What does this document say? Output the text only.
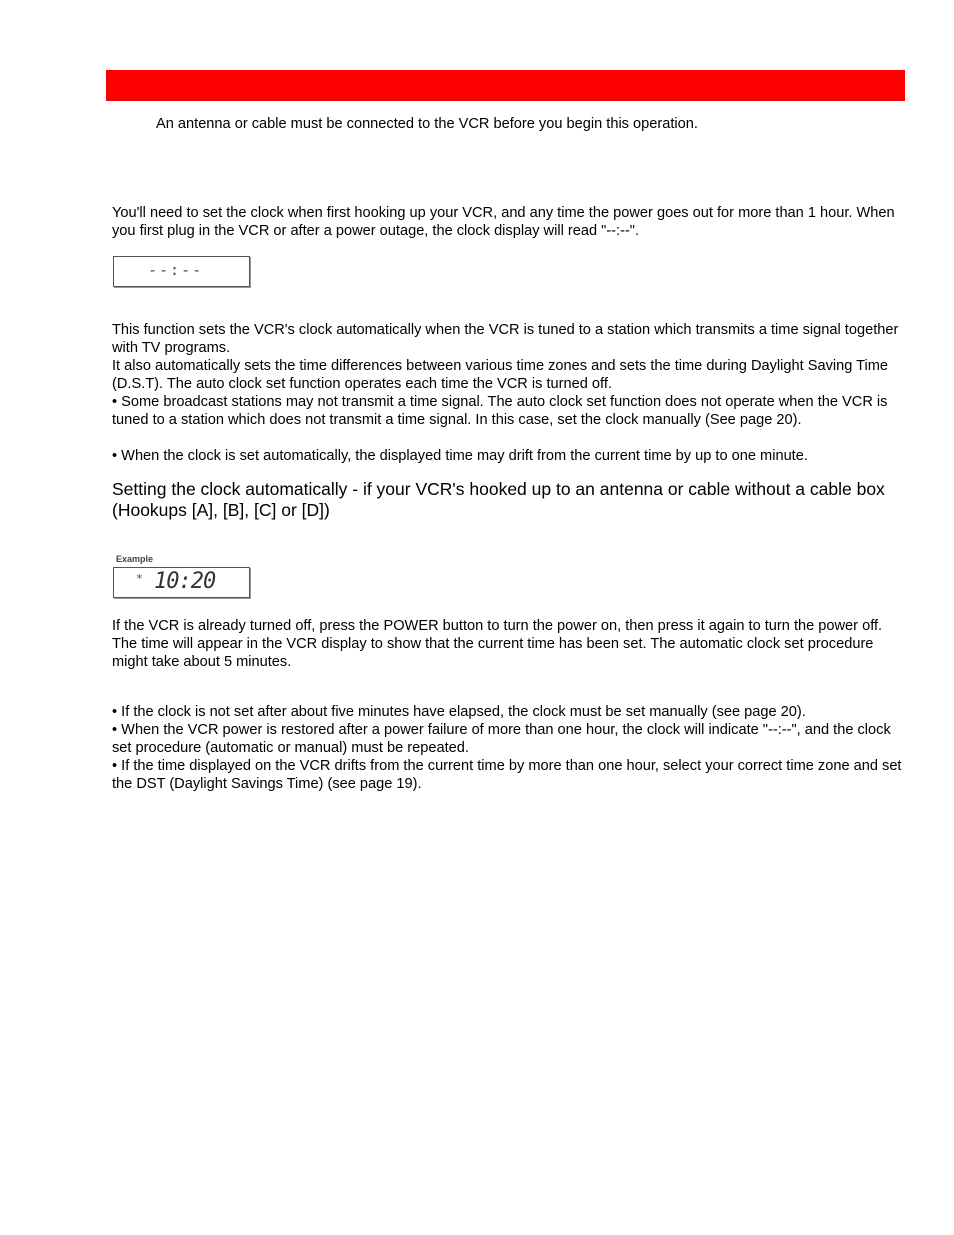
An antenna or cable must be connected to the VCR before you begin this operation.

You'll need to set the clock when first hooking up your VCR, and any time the power goes out for more than 1 hour. When you first plug in the VCR or after a power outage, the clock display will read "--:--".

--:--

This function sets the VCR's clock automatically when the VCR is tuned to a station which transmits a time signal together with TV programs.

It also automatically sets the time differences between various time zones and sets the time during Daylight Saving Time (D.S.T). The auto clock set function operates each time the VCR is turned off.

• Some broadcast stations may not transmit a time signal. The auto clock set function does not operate when the VCR is tuned to a station which does not transmit a time signal. In this case, set the clock manually (See page 20).

• When the clock is set automatically, the displayed time may drift from the current time by up to one minute.

Setting the clock automatically - if your VCR's hooked up to an antenna or cable without a cable box (Hookups [A], [B], [C] or [D])

Example
* 10:20

If the VCR is already turned off, press the POWER button to turn the power on, then press it again to turn the power off. The time will appear in the VCR display to show that the current time has been set. The automatic clock set procedure might take about 5 minutes.

• If the clock is not set after about five minutes have elapsed, the clock must be set manually (see page 20).

• When the VCR power is restored after a power failure of more than one hour, the clock will indicate "--:--", and the clock set procedure (automatic or manual) must be repeated.

• If the time displayed on the VCR drifts from the current time by more than one hour, select your correct time zone and set the DST (Daylight Savings Time) (see page 19).
